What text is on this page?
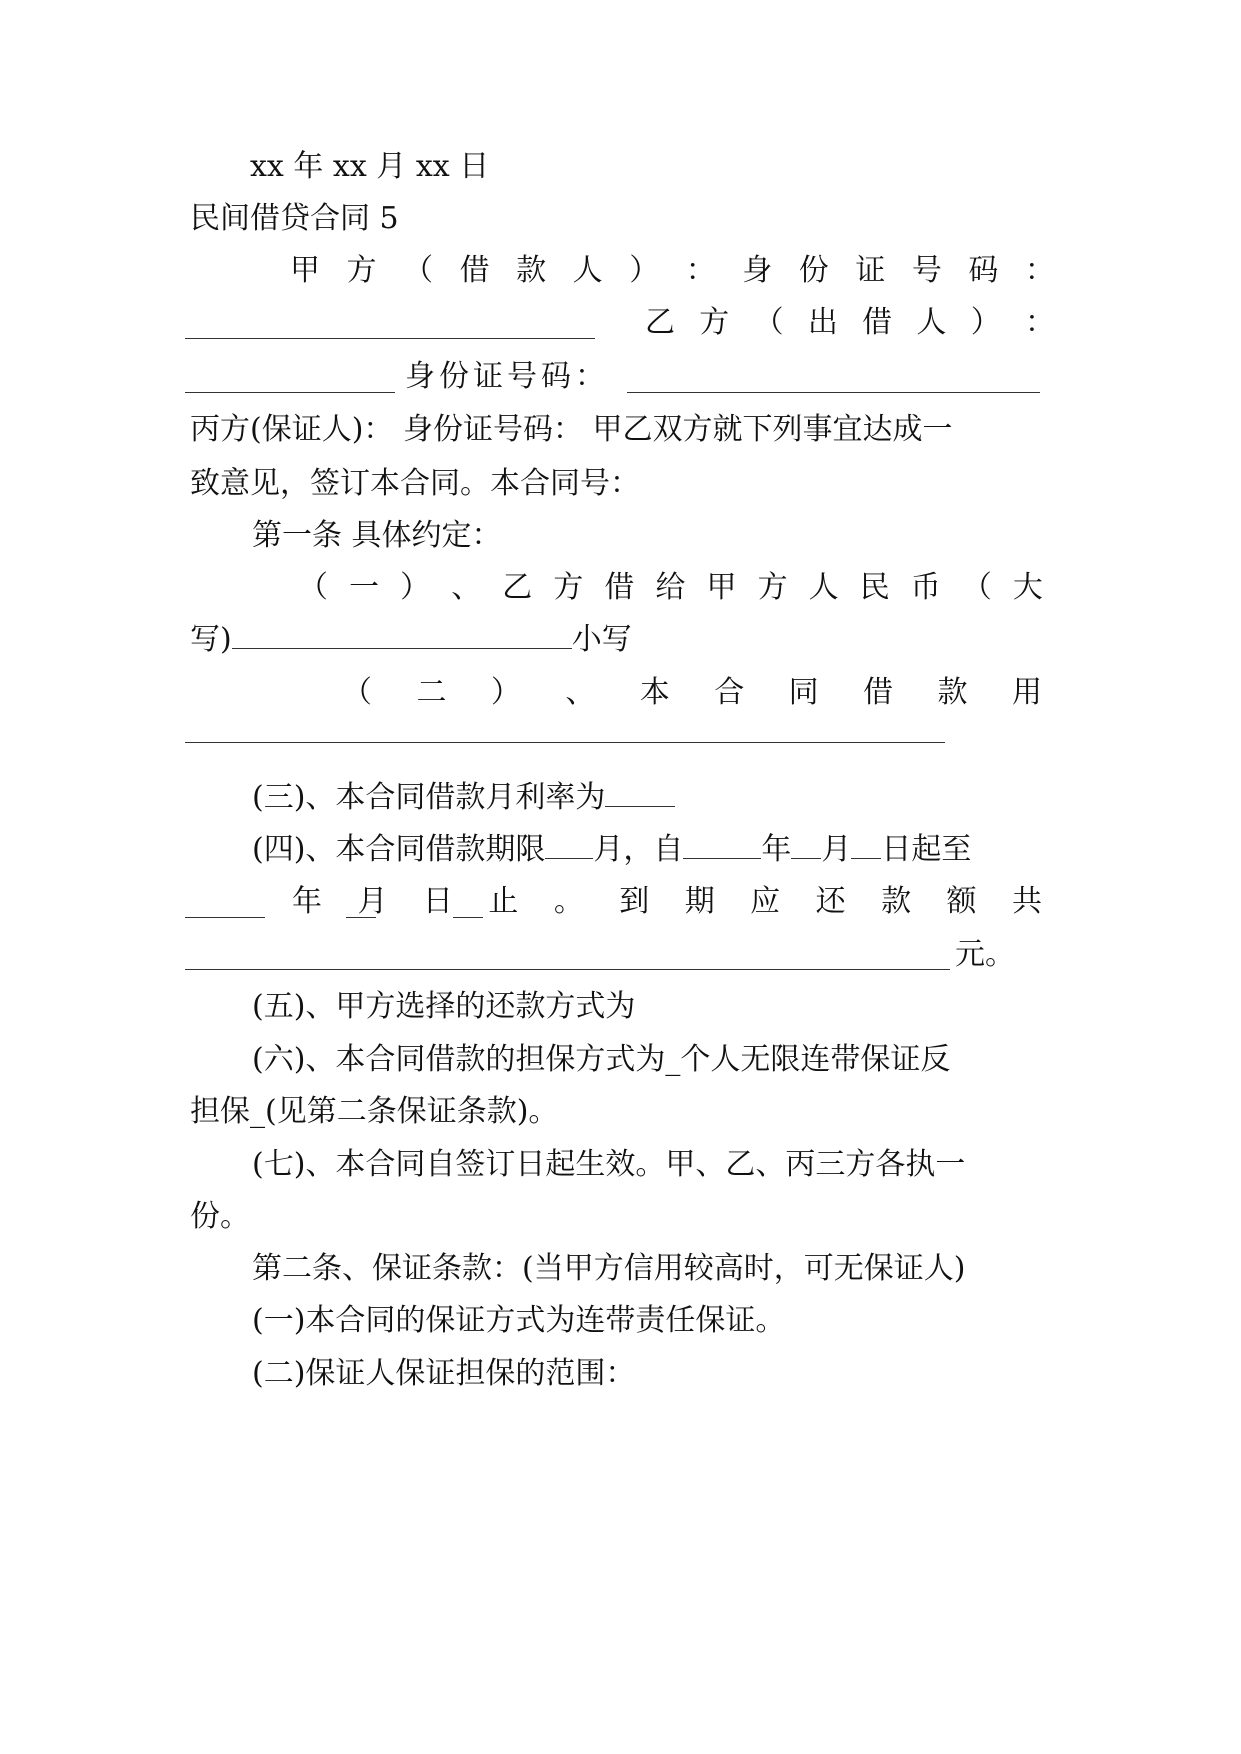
xx 年 xx 月 xx 日
民间借贷合同 5
甲 方 （ 借 款 人 ） ： 身 份 证 号 码 ：
乙 方 （ 出 借 人 ） ：
身 份 证 号 码 ：
丙方(保证人)： 身份证号码： 甲乙双方就下列事宜达成一
致意见，签订本合同。本合同号：
第一条 具体约定：
（ 一 ） 、 乙 方 借 给 甲 方 人 民 币 （ 大
写)	小写
（ 二 ） 、 本 合 同 借 款 用
(三)、本合同借款月利率为
(四)、本合同借款期限 月，自	年 月 日起至
年 月 日 止 。 到 期 应 还 款 额 共
元。
(五)、甲方选择的还款方式为
(六)、本合同借款的担保方式为_个人无限连带保证反
担保_(见第二条保证条款)。
(七)、本合同自签订日起生效。甲、乙、丙三方各执一
份。
第二条、保证条款：(当甲方信用较高时，可无保证人)
(一)本合同的保证方式为连带责任保证。
(二)保证人保证担保的范围：
